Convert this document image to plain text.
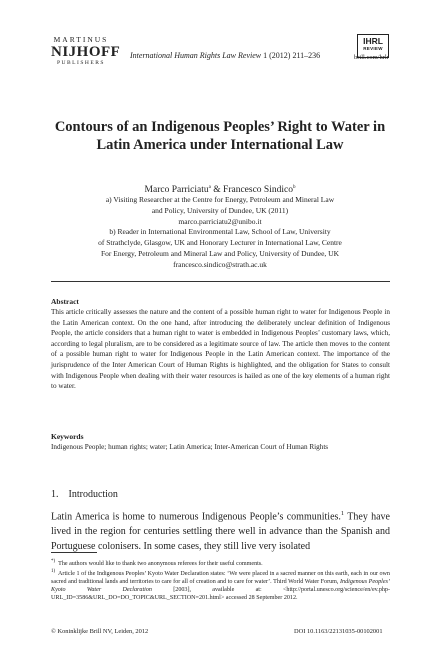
MARTINUS
NIJHOFF
PUBLISHERS
International Human Rights Law Review 1 (2012) 211–236
IHRL
REVIEW
brill.com/hrlr
Contours of an Indigenous Peoples’ Right to Water in Latin America under International Law
Marco Parriciatu$^a$ & Francesco Sindico$^b$
a) Visiting Researcher at the Centre for Energy, Petroleum and Mineral Law
and Policy, University of Dundee, UK (2011)
marco.parriciatu2@unibo.it
b) Reader in International Environmental Law, School of Law, University
of Strathclyde, Glasgow, UK and Honorary Lecturer in International Law, Centre
For Energy, Petroleum and Mineral Law and Policy, University of Dundee, UK
francesco.sindico@strath.ac.uk
Abstract
This article critically assesses the nature and the content of a possible human right to water for Indigenous People in the Latin American context. On the one hand, after introducing the deliberately unclear definition of Indigenous People, the article considers that a human right to water is embedded in Indigenous Peoples’ customary laws, which, according to legal pluralism, are to be considered as a legitimate source of law. The article then moves to the content of a possible human right to water for Indigenous People in the Latin American context. The importance of the jurisprudence of the Inter American Court of Human Rights is highlighted, and the obligation for States to consult with Indigenous People when dealing with their water resources is hailed as one of the key elements of a human right to water.
Keywords
Indigenous People; human rights; water; Latin America; Inter-American Court of Human Rights
1. Introduction
Latin America is home to numerous Indigenous People’s communities.$^1$ They have lived in the region for centuries settling there well in advance than the Spanish and Portuguese colonisers. In some cases, they still live very isolated
*) The authors would like to thank two anonymous referees for their useful comments.
$^{1)}$ Article 1 of the Indigenous Peoples’ Kyoto Water Declaration states: ‘We were placed in a sacred manner on this earth, each in our own sacred and traditional lands and territories to care for all of creation and to care for water’. Third World Water Forum, Indigenous Peoples’ Kyoto Water Declaration [2003], available at: <http://portal.unesco.org/science/en/ev.php-URL_ID=3586&URL_DO=DO_TOPIC&URL_SECTION=201.html> accessed 28 September 2012.
© Koninklijke Brill NV, Leiden, 2012	DOI 10.1163/22131035-00102001
